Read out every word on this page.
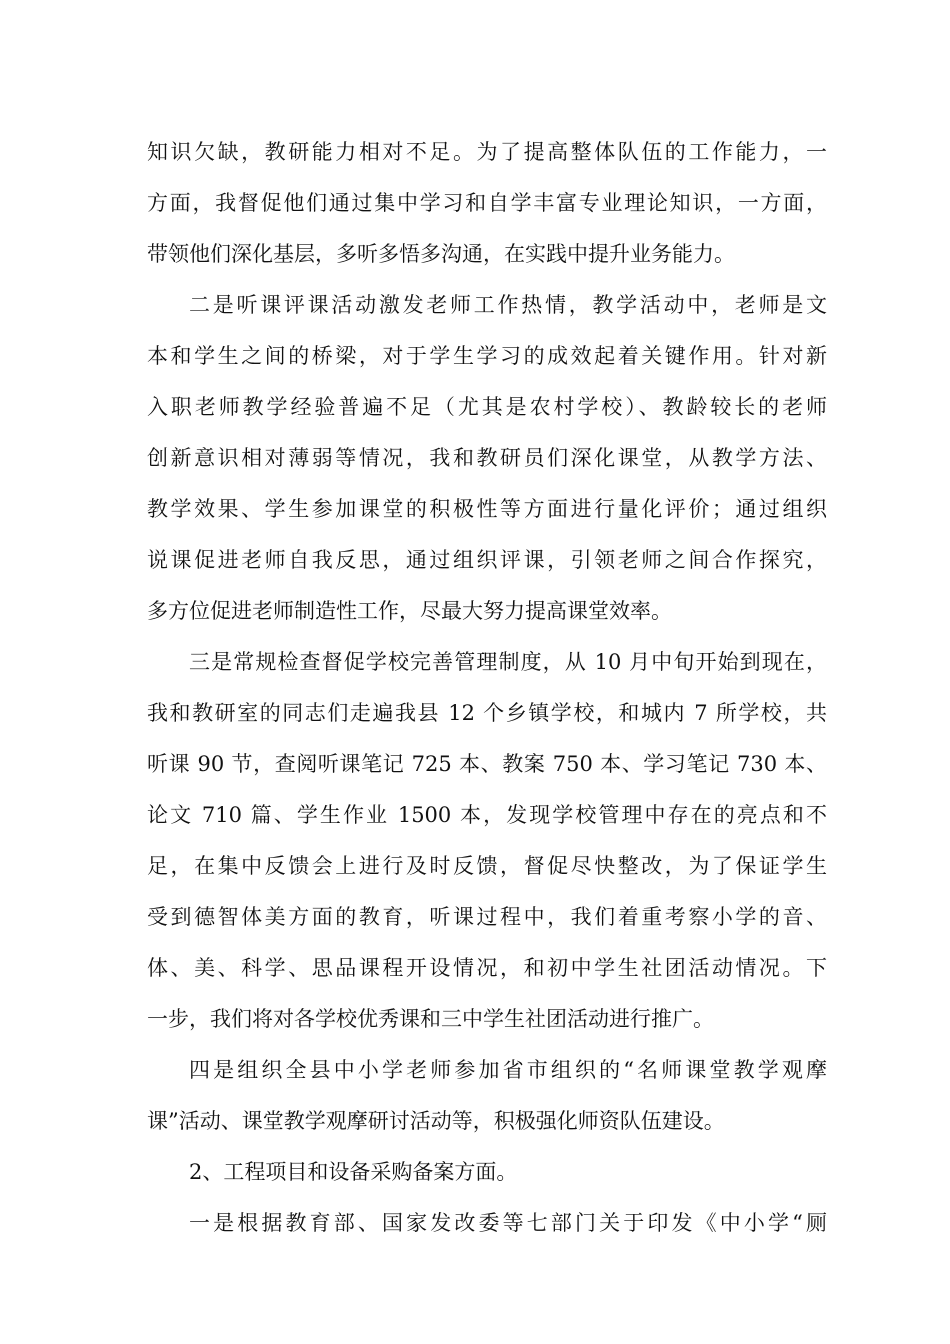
知识欠缺，教研能力相对不足。为了提高整体队伍的工作能力，一
方面，我督促他们通过集中学习和自学丰富专业理论知识，一方面，
带领他们深化基层，多听多悟多沟通，在实践中提升业务能力。
二是听课评课活动激发老师工作热情，教学活动中，老师是文
本和学生之间的桥梁，对于学生学习的成效起着关键作用。针对新
入职老师教学经验普遍不足（尤其是农村学校）、教龄较长的老师
创新意识相对薄弱等情况，我和教研员们深化课堂，从教学方法、
教学效果、学生参加课堂的积极性等方面进行量化评价；通过组织
说课促进老师自我反思，通过组织评课，引领老师之间合作探究，
多方位促进老师制造性工作，尽最大努力提高课堂效率。
三是常规检查督促学校完善管理制度，从 10 月中旬开始到现在，
我和教研室的同志们走遍我县 12 个乡镇学校，和城内 7 所学校，共
听课 90 节，查阅听课笔记 725 本、教案 750 本、学习笔记 730 本、
论文 710 篇、学生作业 1500 本，发现学校管理中存在的亮点和不
足，在集中反馈会上进行及时反馈，督促尽快整改，为了保证学生
受到德智体美方面的教育，听课过程中，我们着重考察小学的音、
体、美、科学、思品课程开设情况，和初中学生社团活动情况。下
一步，我们将对各学校优秀课和三中学生社团活动进行推广。
四是组织全县中小学老师参加省市组织的“名师课堂教学观摩
课”活动、课堂教学观摩研讨活动等，积极强化师资队伍建设。
2、工程项目和设备采购备案方面。
一是根据教育部、国家发改委等七部门关于印发《中小学“厕
